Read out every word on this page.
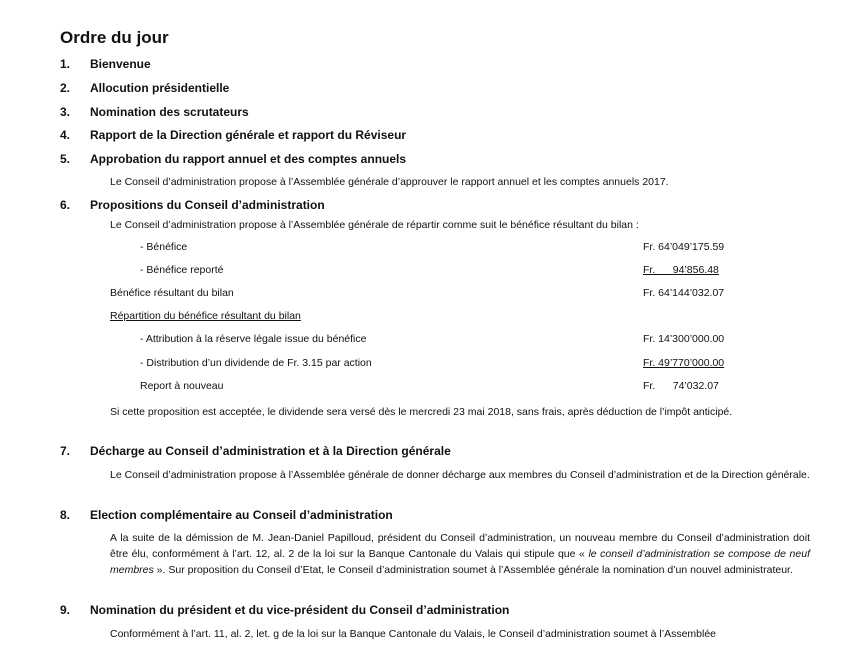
Ordre du jour
1. Bienvenue
2. Allocution présidentielle
3. Nomination des scrutateurs
4. Rapport de la Direction générale et rapport du Réviseur
5. Approbation du rapport annuel et des comptes annuels
Le Conseil d’administration propose à l’Assemblée générale d’approuver le rapport annuel et les comptes annuels 2017.
6. Propositions du Conseil d’administration
Le Conseil d’administration propose à l’Assemblée générale de répartir comme suit le bénéfice résultant du bilan :
- Bénéfice	Fr. 64’049’175.59
- Bénéfice reporté	Fr.      94’856.48
Bénéfice résultant du bilan	Fr. 64’144’032.07
Répartition du bénéfice résultant du bilan
- Attribution à la réserve légale issue du bénéfice	Fr. 14’300’000.00
- Distribution d’un dividende de Fr. 3.15 par action	Fr. 49’770’000.00
Report à nouveau	Fr.      74’032.07
Si cette proposition est acceptée, le dividende sera versé dès le mercredi 23 mai 2018, sans frais, après déduction de l’impôt anticipé.
7. Décharge au Conseil d’administration et à la Direction générale
Le Conseil d’administration propose à l’Assemblée générale de donner décharge aux membres du Conseil d’administration et de la Direction générale.
8. Election complémentaire au Conseil d’administration
A la suite de la démission de M. Jean-Daniel Papilloud, président du Conseil d’administration, un nouveau membre du Conseil d’administration doit être élu, conformément à l’art. 12, al. 2 de la loi sur la Banque Cantonale du Valais qui stipule que « le conseil d’administration se compose de neuf membres ». Sur proposition du Conseil d’Etat, le Conseil d’administration soumet à l’Assemblée générale la nomination d’un nouvel administrateur.
9. Nomination du président et du vice-président du Conseil d’administration
Conformément à l’art. 11, al. 2, let. g de la loi sur la Banque Cantonale du Valais, le Conseil d’administration soumet à l’Assemblée
